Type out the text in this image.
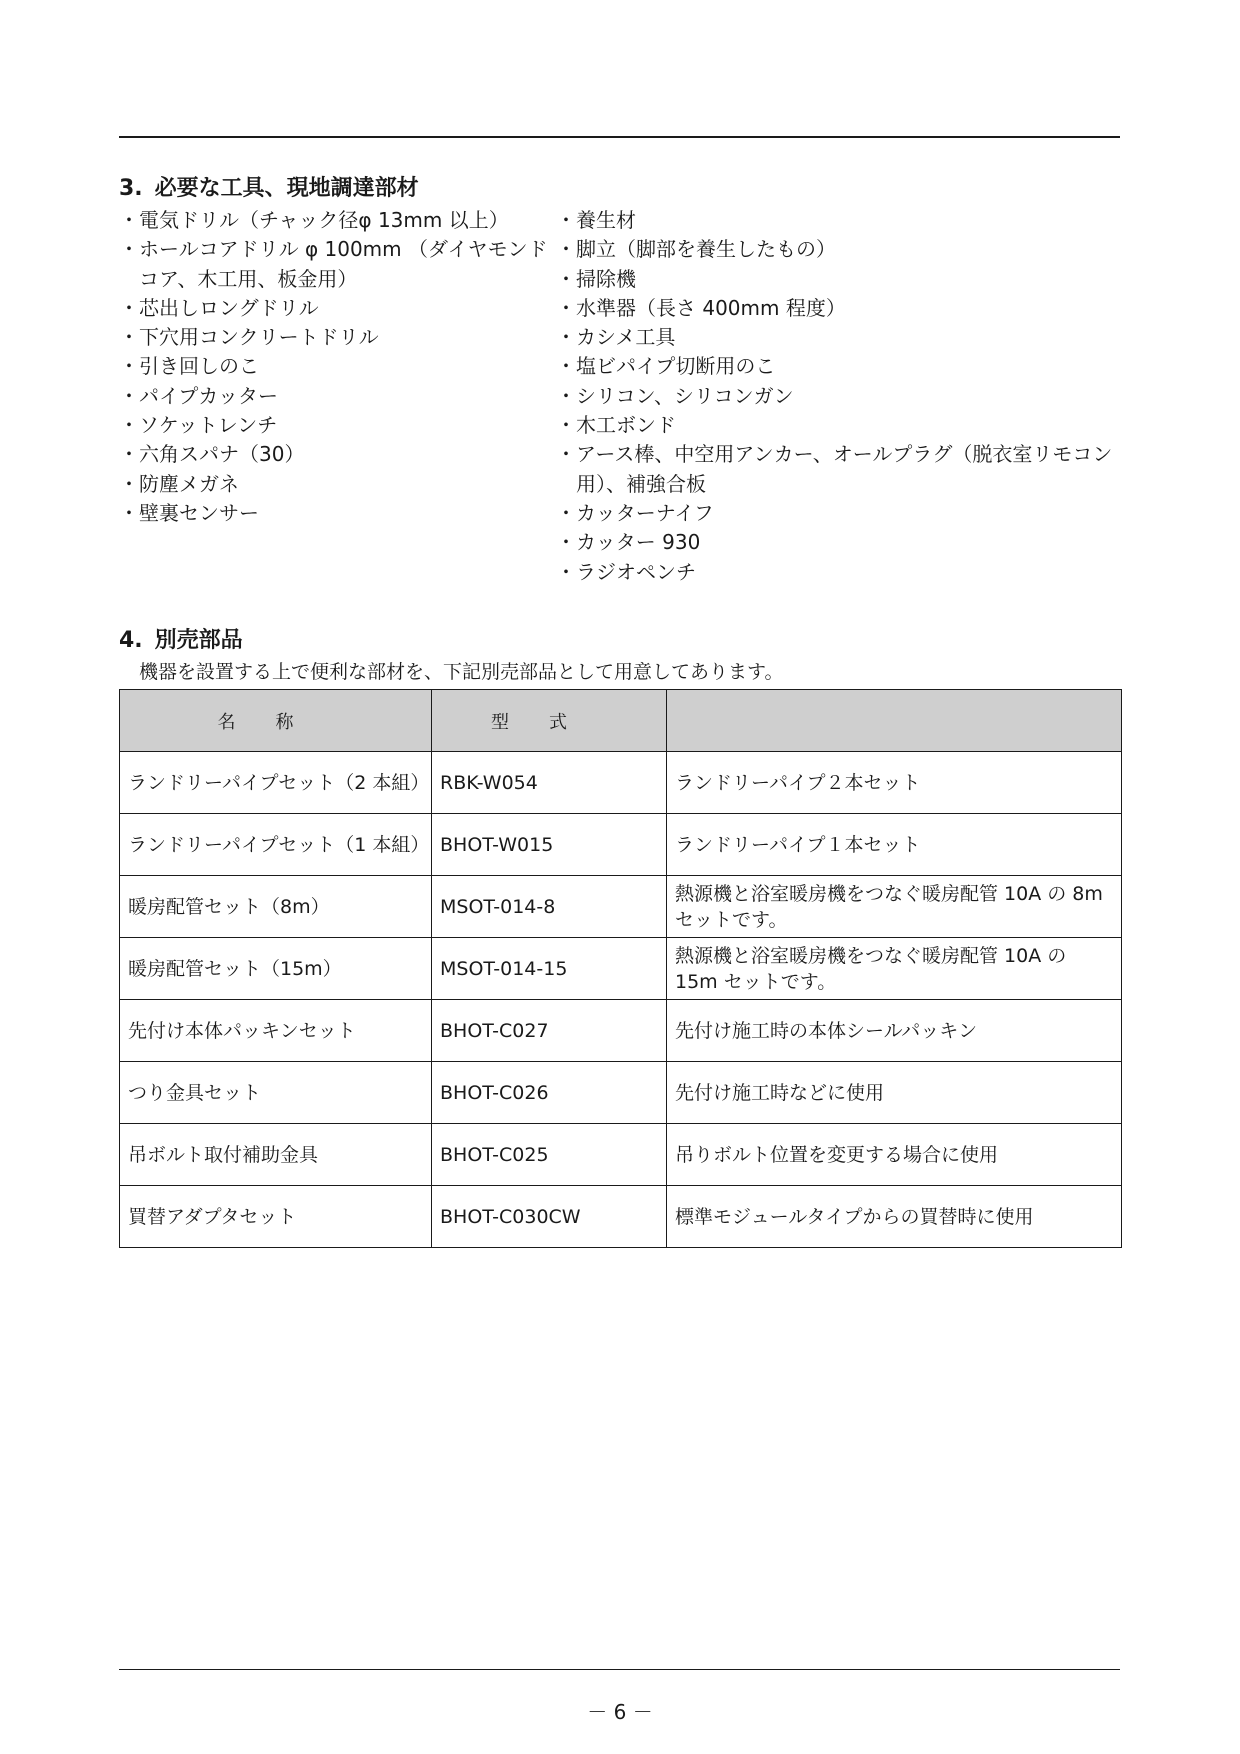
3. 必要な工具、現地調達部材
・ 電気ドリル（チャック径φ 13mm 以上）
・ ホールコアドリル φ 100mm （ダイヤモンドコア、木工用、板金用）
・ 芯出しロングドリル
・ 下穴用コンクリートドリル
・ 引き回しのこ
・ パイプカッター
・ ソケットレンチ
・ 六角スパナ（30）
・ 防塵メガネ
・ 壁裏センサー
・ 養生材
・ 脚立（脚部を養生したもの）
・ 掃除機
・ 水準器（長さ 400mm 程度）
・ カシメ工具
・ 塩ビパイプ切断用のこ
・ シリコン、シリコンガン
・ 木工ボンド
・ アース棒、中空用アンカー、オールプラグ（脱衣室リモコン用）、補強合板
・ カッターナイフ
・ カッター 930
・ ラジオペンチ
4. 別売部品

機器を設置する上で便利な部材を、下記別売部品として用意してあります。

名称	型式	
ランドリーパイプセット（2 本組）	RBK-W054	ランドリーパイプ２本セット
ランドリーパイプセット（1 本組）	BHOT-W015	ランドリーパイプ１本セット
暖房配管セット（8m）	MSOT-014-8	熱源機と浴室暖房機をつなぐ暖房配管 10A の 8m セットです。
暖房配管セット（15m）	MSOT-014-15	熱源機と浴室暖房機をつなぐ暖房配管 10A の 15m セットです。
先付け本体パッキンセット	BHOT-C027	先付け施工時の本体シールパッキン
つり金具セット	BHOT-C026	先付け施工時などに使用
吊ボルト取付補助金具	BHOT-C025	吊りボルト位置を変更する場合に使用
買替アダプタセット	BHOT-C030CW	標準モジュールタイプからの買替時に使用

－ 6 －
